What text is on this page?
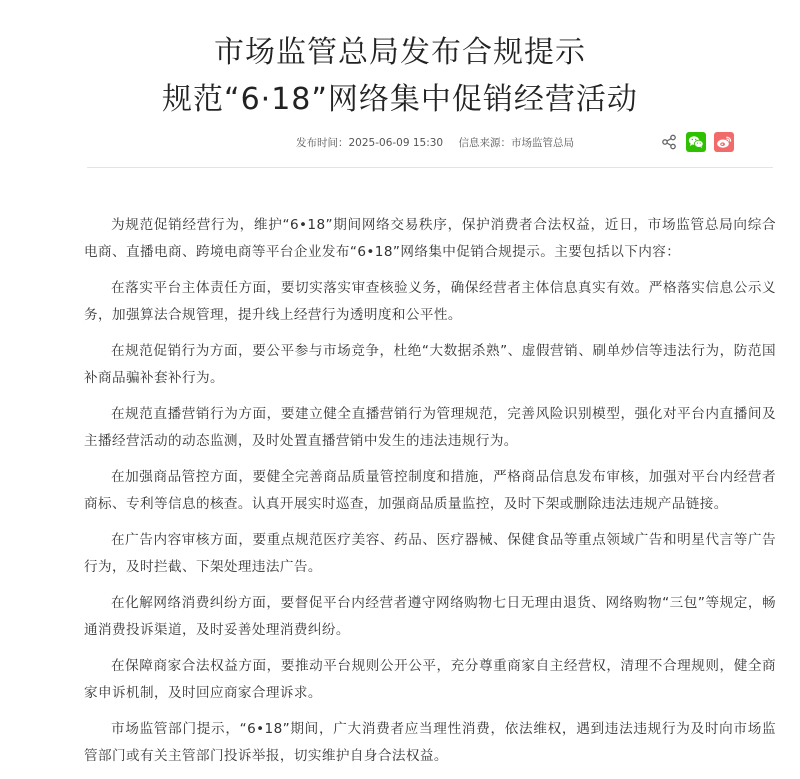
市场监管总局发布合规提示
规范“6·18”网络集中促销经营活动
发布时间：2025-06-09 15:30 信息来源：市场监管总局

为规范促销经营行为，维护“6•18”期间网络交易秩序，保护消费者合法权益，近日，市场监管总局向综合电商、直播电商、跨境电商等平台企业发布“6•18”网络集中促销合规提示。主要包括以下内容：

在落实平台主体责任方面，要切实落实审查核验义务，确保经营者主体信息真实有效。严格落实信息公示义务，加强算法合规管理，提升线上经营行为透明度和公平性。

在规范促销行为方面，要公平参与市场竞争，杜绝“大数据杀熟”、虚假营销、刷单炒信等违法行为，防范国补商品骗补套补行为。

在规范直播营销行为方面，要建立健全直播营销行为管理规范，完善风险识别模型，强化对平台内直播间及主播经营活动的动态监测，及时处置直播营销中发生的违法违规行为。

在加强商品管控方面，要健全完善商品质量管控制度和措施，严格商品信息发布审核，加强对平台内经营者商标、专利等信息的核查。认真开展实时巡查，加强商品质量监控，及时下架或删除违法违规产品链接。

在广告内容审核方面，要重点规范医疗美容、药品、医疗器械、保健食品等重点领域广告和明星代言等广告行为，及时拦截、下架处理违法广告。

在化解网络消费纠纷方面，要督促平台内经营者遵守网络购物七日无理由退货、网络购物“三包”等规定，畅通消费投诉渠道，及时妥善处理消费纠纷。

在保障商家合法权益方面，要推动平台规则公开公平，充分尊重商家自主经营权，清理不合理规则，健全商家申诉机制，及时回应商家合理诉求。

市场监管部门提示，“6•18”期间，广大消费者应当理性消费，依法维权，遇到违法违规行为及时向市场监管部门或有关主管部门投诉举报，切实维护自身合法权益。
